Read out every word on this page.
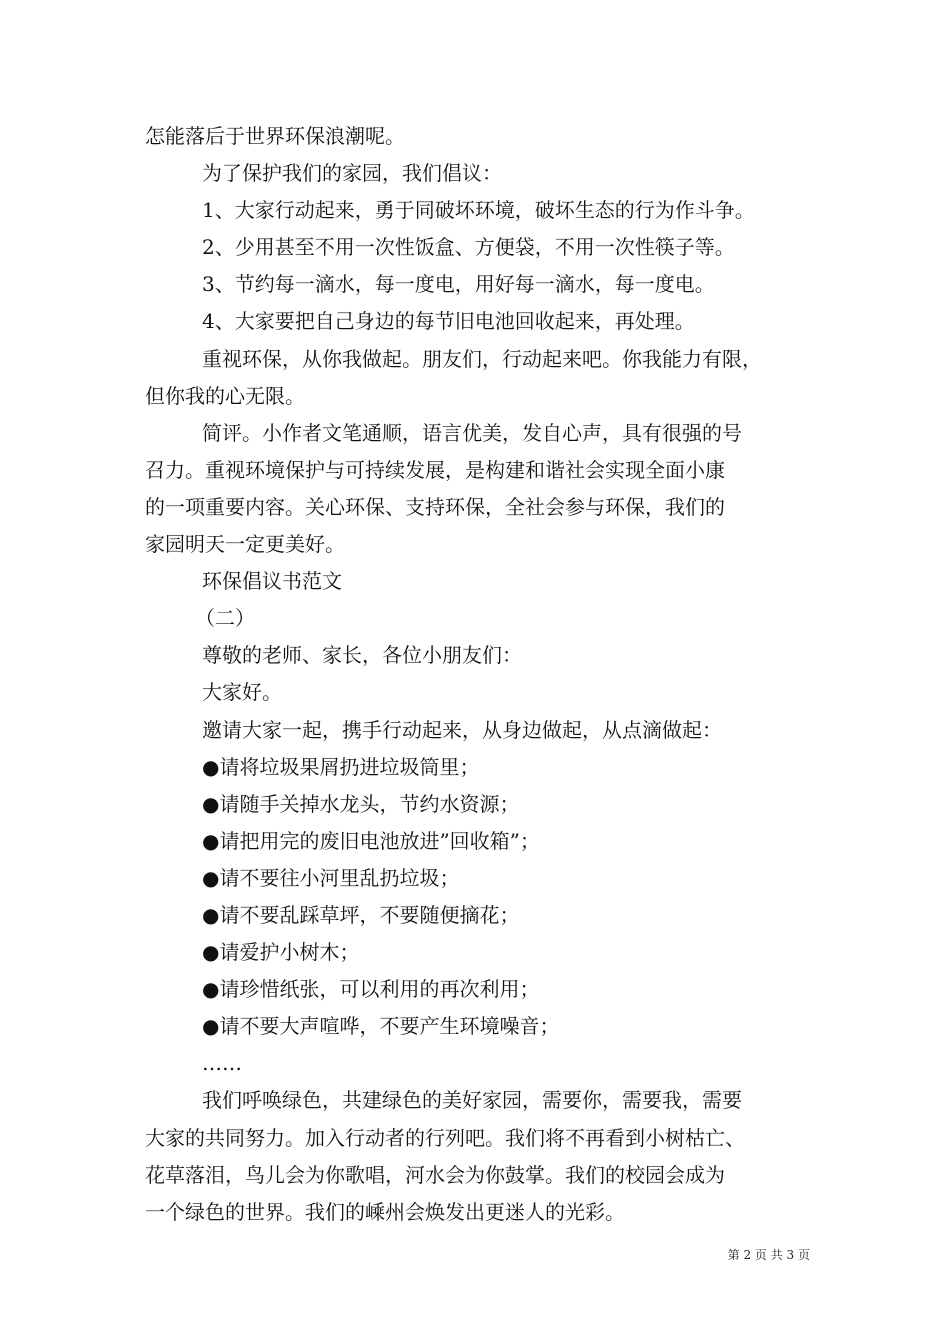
怎能落后于世界环保浪潮呢。
为了保护我们的家园，我们倡议：
1、大家行动起来，勇于同破坏环境，破坏生态的行为作斗争。
2、少用甚至不用一次性饭盒、方便袋，不用一次性筷子等。
3、节约每一滴水，每一度电，用好每一滴水，每一度电。
4、大家要把自己身边的每节旧电池回收起来，再处理。
重视环保，从你我做起。朋友们，行动起来吧。你我能力有限，
但你我的心无限。
简评。小作者文笔通顺，语言优美，发自心声，具有很强的号
召力。重视环境保护与可持续发展，是构建和谐社会实现全面小康
的一项重要内容。关心环保、支持环保，全社会参与环保，我们的
家园明天一定更美好。
环保倡议书范文
（二）
尊敬的老师、家长，各位小朋友们：
大家好。
邀请大家一起，携手行动起来，从身边做起，从点滴做起：
●请将垃圾果屑扔进垃圾筒里；
●请随手关掉水龙头，节约水资源；
●请把用完的废旧电池放进”回收箱”；
●请不要往小河里乱扔垃圾；
●请不要乱踩草坪，不要随便摘花；
●请爱护小树木；
●请珍惜纸张，可以利用的再次利用；
●请不要大声喧哗，不要产生环境噪音；
……
我们呼唤绿色，共建绿色的美好家园，需要你，需要我，需要
大家的共同努力。加入行动者的行列吧。我们将不再看到小树枯亡、
花草落泪，鸟儿会为你歌唱，河水会为你鼓掌。我们的校园会成为
一个绿色的世界。我们的嵊州会焕发出更迷人的光彩。
第 2 页 共 3 页
